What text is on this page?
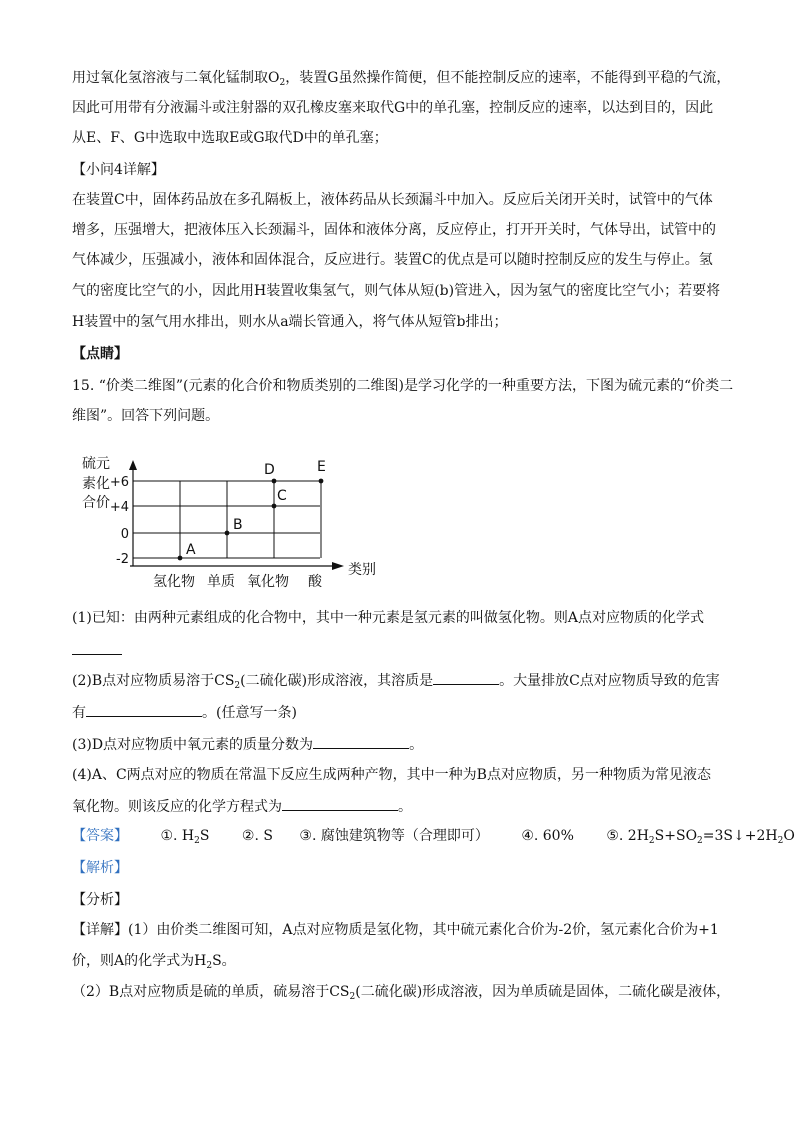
用过氧化氢溶液与二氧化锰制取$O_2$，装置G虽然操作简便，但不能控制反应的速率，不能得到平稳的气流，
因此可用带有分液漏斗或注射器的双孔橡皮塞来取代G中的单孔塞，控制反应的速率，以达到目的，因此
从E、F、G中选取中选取E或G取代D中的单孔塞；
【小问4详解】
在装置C中，固体药品放在多孔隔板上，液体药品从长颈漏斗中加入。反应后关闭开关时，试管中的气体
增多，压强增大，把液体压入长颈漏斗，固体和液体分离，反应停止，打开开关时，气体导出，试管中的
气体减少，压强减小，液体和固体混合，反应进行。装置C的优点是可以随时控制反应的发生与停止。氢
气的密度比空气的小，因此用H装置收集氢气，则气体从短(b)管进入，因为氢气的密度比空气小；若要将
H装置中的氢气用水排出，则水从a端长管通入，将气体从短管b排出；
【点睛】
15. “价类二维图”(元素的化合价和物质类别的二维图)是学习化学的一种重要方法，下图为硫元素的“价类二
维图”。回答下列问题。
硫元
素化
合价
+6
+4
0
-2
氢化物 单质 氧化物 酸
A
B
C
D	E
类别
(1)已知：由两种元素组成的化合物中，其中一种元素是氢元素的叫做氢化物。则A点对应物质的化学式
(2)B点对应物质易溶于$CS_2$(二硫化碳)形成溶液，其溶质是	。大量排放C点对应物质导致的危害
有	。(任意写一条)
(3)D点对应物质中氧元素的质量分数为	。
(4)A、C两点对应的物质在常温下反应生成两种产物，其中一种为B点对应物质，另一种物质为常见液态
氧化物。则该反应的化学方程式为	。
【答案】 ①. $H_2S$ ②. S ③. 腐蚀建筑物等（合理即可） ④. 60% ⑤. $2H_2S+SO_2=3S↓+2H_2O$
【解析】
【分析】
【详解】(1）由价类二维图可知，A点对应物质是氢化物，其中硫元素化合价为-2价，氢元素化合价为+1
价，则A的化学式为$H_2S$。
（2）B点对应物质是硫的单质，硫易溶于$CS_2$(二硫化碳)形成溶液，因为单质硫是固体，二硫化碳是液体，
